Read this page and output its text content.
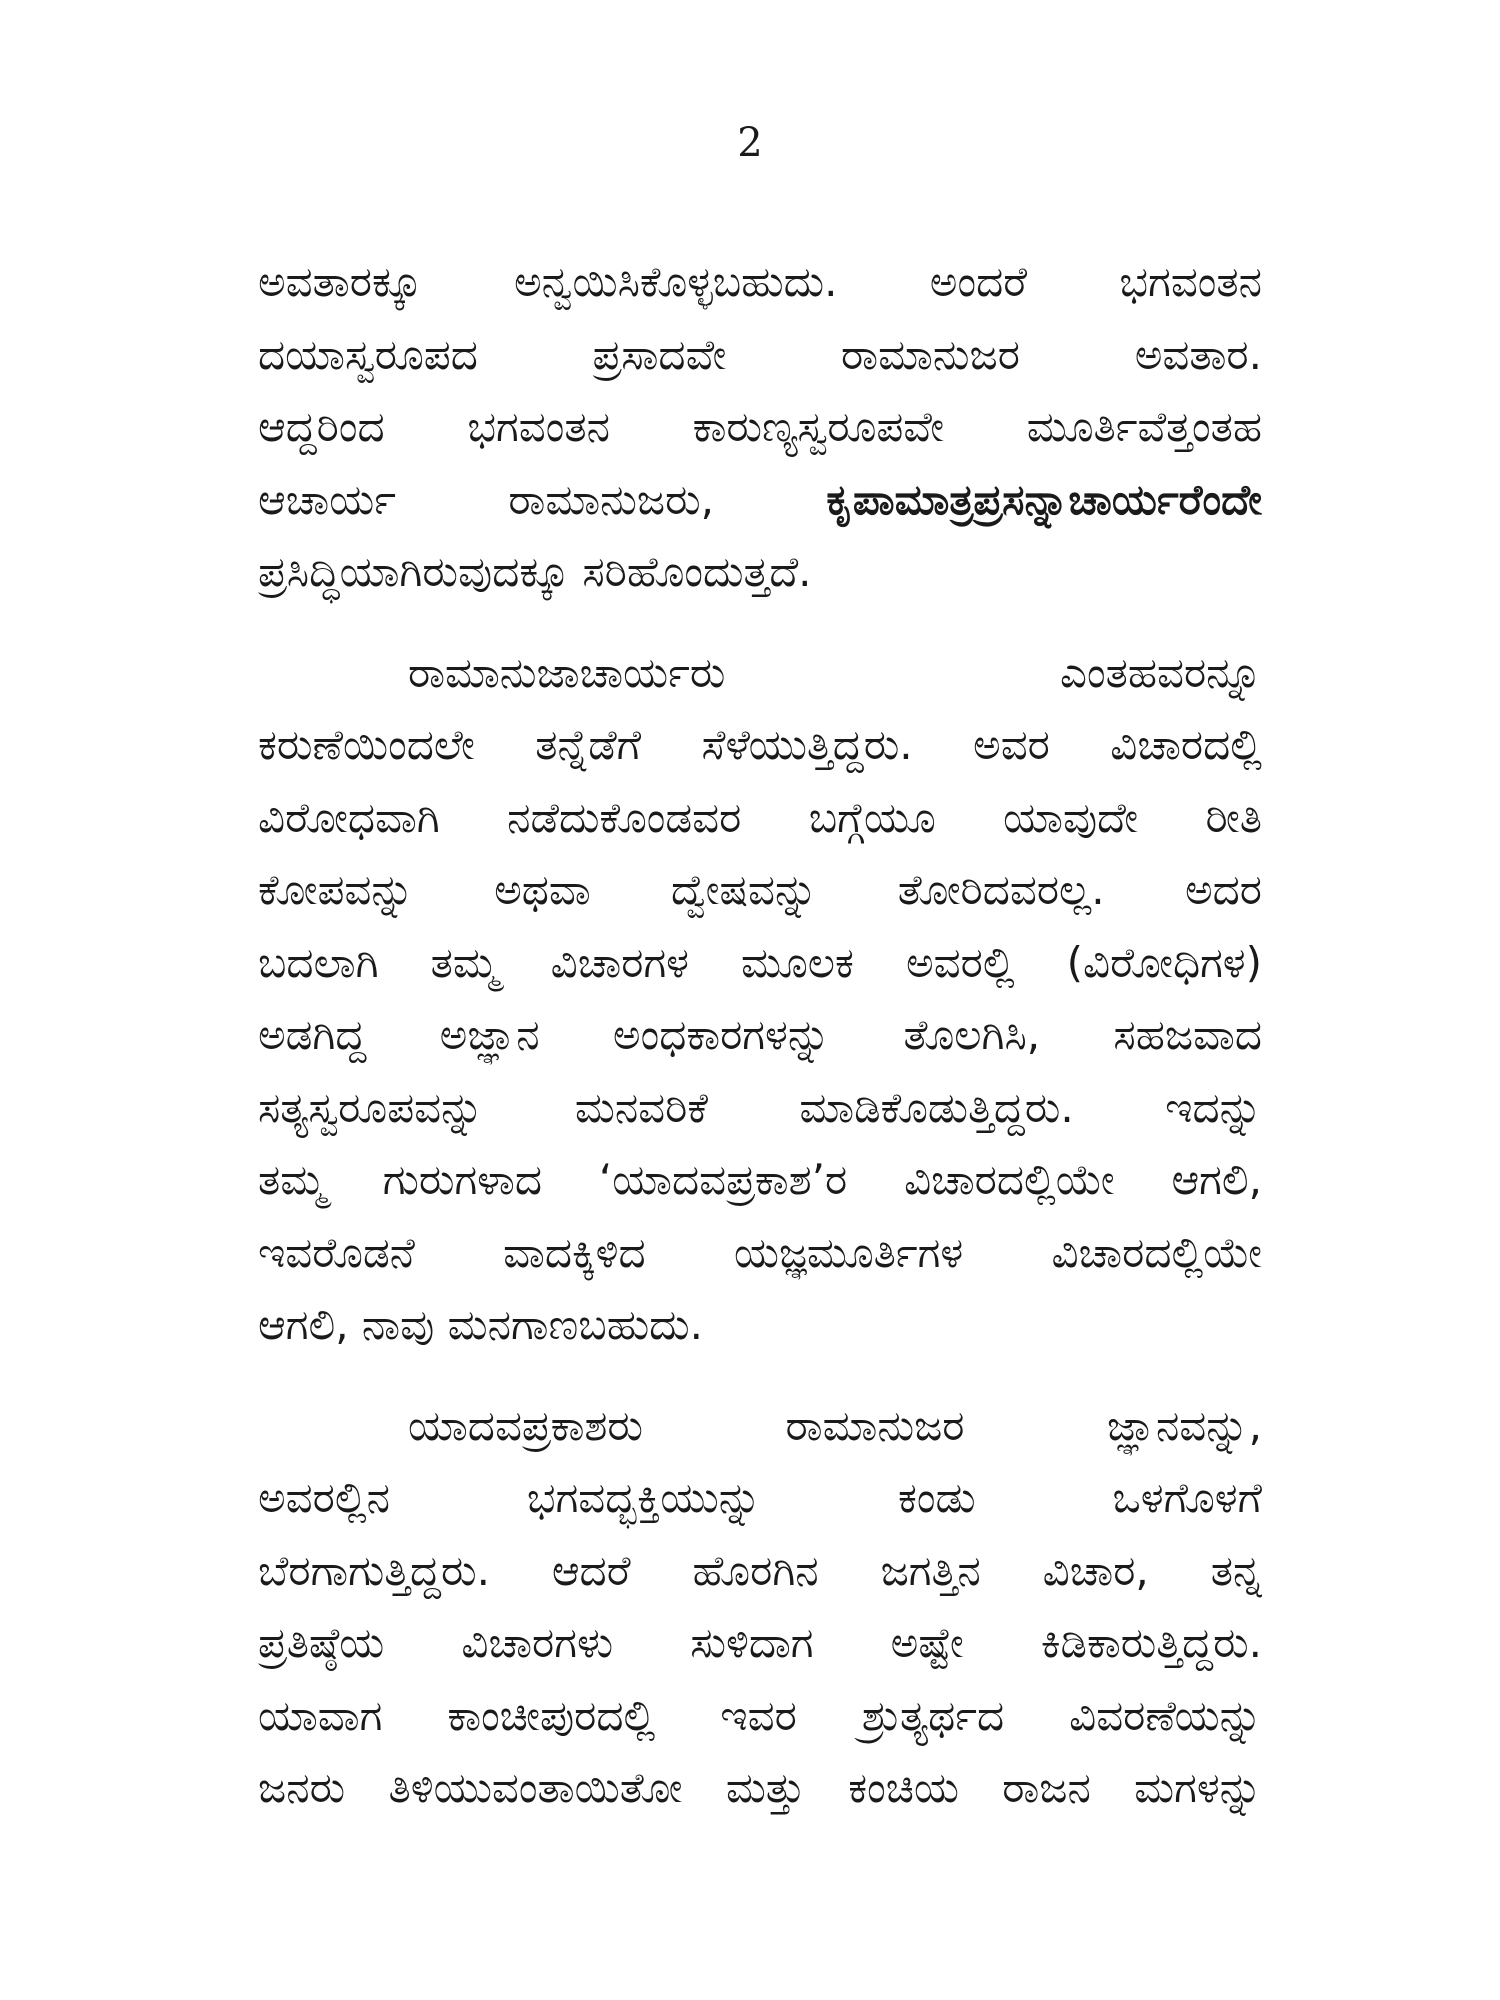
2
ಅವತಾರಕ್ಕೂ ಅನ್ವಯಿಸಿಕೊಳ್ಳಬಹುದು. ಅಂದರೆ ಭಗವಂತನ
ದಯಾಸ್ವರೂಪದ ಪ್ರಸಾದವೇ ರಾಮಾನುಜರ ಅವತಾರ.
ಆದ್ದರಿಂದ ಭಗವಂತನ ಕಾರುಣ್ಯಸ್ವರೂಪವೇ ಮೂರ್ತಿವೆತ್ತಂತಹ
ಆಚಾರ್ಯ ರಾಮಾನುಜರು,	ಕೃಪಾಮಾತ್ರಪ್ರಸನ್ನಾಚಾರ್ಯರೆಂದೇ
ಪ್ರಸಿದ್ಧಿಯಾಗಿರುವುದಕ್ಕೂ ಸರಿಹೊಂದುತ್ತದೆ.
ರಾಮಾನುಜಾಚಾರ್ಯರು ಎಂತಹವರನ್ನೂ
ಕರುಣೆಯಿಂದಲೇ ತನ್ನೆಡೆಗೆ ಸೆಳೆಯುತ್ತಿದ್ದರು. ಅವರ ವಿಚಾರದಲ್ಲಿ
ವಿರೋಧವಾಗಿ ನಡೆದುಕೊಂಡವರ ಬಗ್ಗೆಯೂ ಯಾವುದೇ ರೀತಿ
ಕೋಪವನ್ನು ಅಥವಾ ದ್ವೇಷವನ್ನು ತೋರಿದವರಲ್ಲ. ಅದರ
ಬದಲಾಗಿ ತಮ್ಮ ವಿಚಾರಗಳ ಮೂಲಕ ಅವರಲ್ಲಿ (ವಿರೋಧಿಗಳ)
ಅಡಗಿದ್ದ ಅಜ್ಞಾನ ಅಂಧಕಾರಗಳನ್ನು ತೊಲಗಿಸಿ, ಸಹಜವಾದ
ಸತ್ಯಸ್ವರೂಪವನ್ನು ಮನವರಿಕೆ ಮಾಡಿಕೊಡುತ್ತಿದ್ದರು. ಇದನ್ನು
ತಮ್ಮ ಗುರುಗಳಾದ ‘ಯಾದವಪ್ರಕಾಶ’ರ ವಿಚಾರದಲ್ಲಿಯೇ ಆಗಲಿ,
ಇವರೊಡನೆ ವಾದಕ್ಕಿಳಿದ ಯಜ್ಞಮೂರ್ತಿಗಳ ವಿಚಾರದಲ್ಲಿಯೇ
ಆಗಲಿ, ನಾವು ಮನಗಾಣಬಹುದು.
ಯಾದವಪ್ರಕಾಶರು ರಾಮಾನುಜರ ಜ್ಞಾನವನ್ನು,
ಅವರಲ್ಲಿನ ಭಗವದ್ಭಕ್ತಿಯುನ್ನು ಕಂಡು ಒಳಗೊಳಗೆ
ಬೆರಗಾಗುತ್ತಿದ್ದರು. ಆದರೆ ಹೊರಗಿನ ಜಗತ್ತಿನ ವಿಚಾರ, ತನ್ನ
ಪ್ರತಿಷ್ಠೆಯ ವಿಚಾರಗಳು ಸುಳಿದಾಗ ಅಷ್ಟೇ ಕಿಡಿಕಾರುತ್ತಿದ್ದರು.
ಯಾವಾಗ ಕಾಂಚೀಪುರದಲ್ಲಿ ಇವರ ಶ್ರುತ್ಯರ್ಥದ ವಿವರಣೆಯನ್ನು
ಜನರು ತಿಳಿಯುವಂತಾಯಿತೋ ಮತ್ತು ಕಂಚಿಯ ರಾಜನ ಮಗಳನ್ನು
